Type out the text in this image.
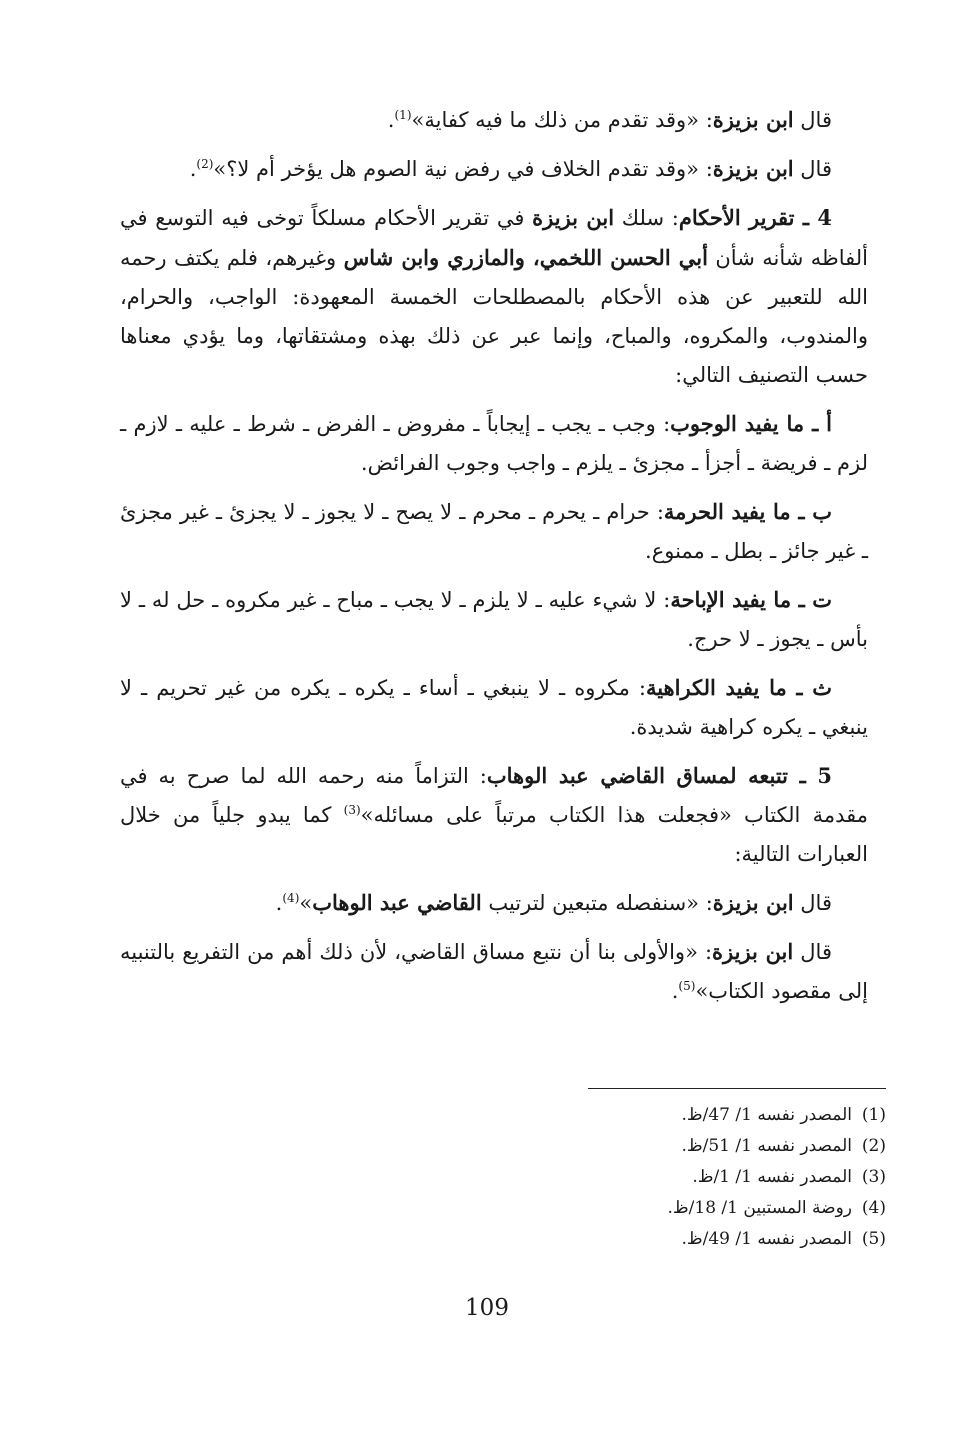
قال ابن بزيزة: «وقد تقدم من ذلك ما فيه كفاية»$^{(1)}$.

قال ابن بزيزة: «وقد تقدم الخلاف في رفض نية الصوم هل يؤخر أم لا؟»$^{(2)}$.

4 ـ تقرير الأحكام: سلك ابن بزيزة في تقرير الأحكام مسلكاً توخى فيه التوسع في ألفاظه شأنه شأن أبي الحسن اللخمي، والمازري وابن شاس وغيرهم، فلم يكتف رحمه الله للتعبير عن هذه الأحكام بالمصطلحات الخمسة المعهودة: الواجب، والحرام، والمندوب، والمكروه، والمباح، وإنما عبر عن ذلك بهذه ومشتقاتها، وما يؤدي معناها حسب التصنيف التالي:

أ ـ ما يفيد الوجوب: وجب ـ يجب ـ إيجاباً ـ مفروض ـ الفرض ـ شرط ـ عليه ـ لازم ـ لزم ـ فريضة ـ أجزأ ـ مجزئ ـ يلزم ـ واجب وجوب الفرائض.

ب ـ ما يفيد الحرمة: حرام ـ يحرم ـ محرم ـ لا يصح ـ لا يجوز ـ لا يجزئ ـ غير مجزئ ـ غير جائز ـ بطل ـ ممنوع.

ت ـ ما يفيد الإباحة: لا شيء عليه ـ لا يلزم ـ لا يجب ـ مباح ـ غير مكروه ـ حل له ـ لا بأس ـ يجوز ـ لا حرج.

ث ـ ما يفيد الكراهية: مكروه ـ لا ينبغي ـ أساء ـ يكره ـ يكره من غير تحريم ـ لا ينبغي ـ يكره كراهية شديدة.

5 ـ تتبعه لمساق القاضي عبد الوهاب: التزاماً منه رحمه الله لما صرح به في مقدمة الكتاب «فجعلت هذا الكتاب مرتباً على مسائله»$^{(3)}$ كما يبدو جلياً من خلال العبارات التالية:

قال ابن بزيزة: «سنفصله متبعين لترتيب القاضي عبد الوهاب»$^{(4)}$.

قال ابن بزيزة: «والأولى بنا أن نتبع مساق القاضي، لأن ذلك أهم من التفريع بالتنبيه إلى مقصود الكتاب»$^{(5)}$.

(1)المصدر نفسه 1/ 47/ظ.
(2)المصدر نفسه 1/ 51/ظ.
(3)المصدر نفسه 1/ 1/ظ.
(4)روضة المستبين 1/ 18/ظ.
(5)المصدر نفسه 1/ 49/ظ.
109
